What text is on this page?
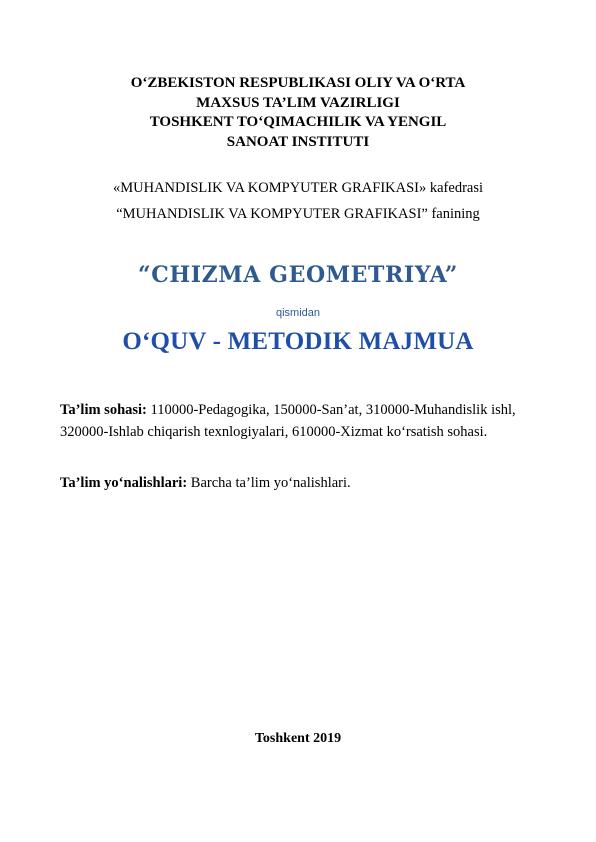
O‘ZBEKISTON RESPUBLIKASI OLIY VA O‘RTA
MAXSUS TA’LIM VAZIRLIGI
TOSHKENT TO‘QIMACHILIK VA YENGIL
SANOAT INSTITUTI
«MUHANDISLIK VA KOMPYUTER GRAFIKASI» kafedrasi
“MUHANDISLIK VA KOMPYUTER GRAFIKASI” fanining
“CHIZMA GEOMETRIYA”
qismidan
O‘QUV - METODIK MAJMUA
Ta’lim sohasi: 110000-Pedagogika, 150000-San’at, 310000-Muhandislik ishl, 320000-Ishlab chiqarish texnlogiyalari, 610000-Xizmat ko‘rsatish sohasi.
Ta’lim yo‘nalishlari: Barcha ta’lim yo‘nalishlari.
Toshkent 2019
